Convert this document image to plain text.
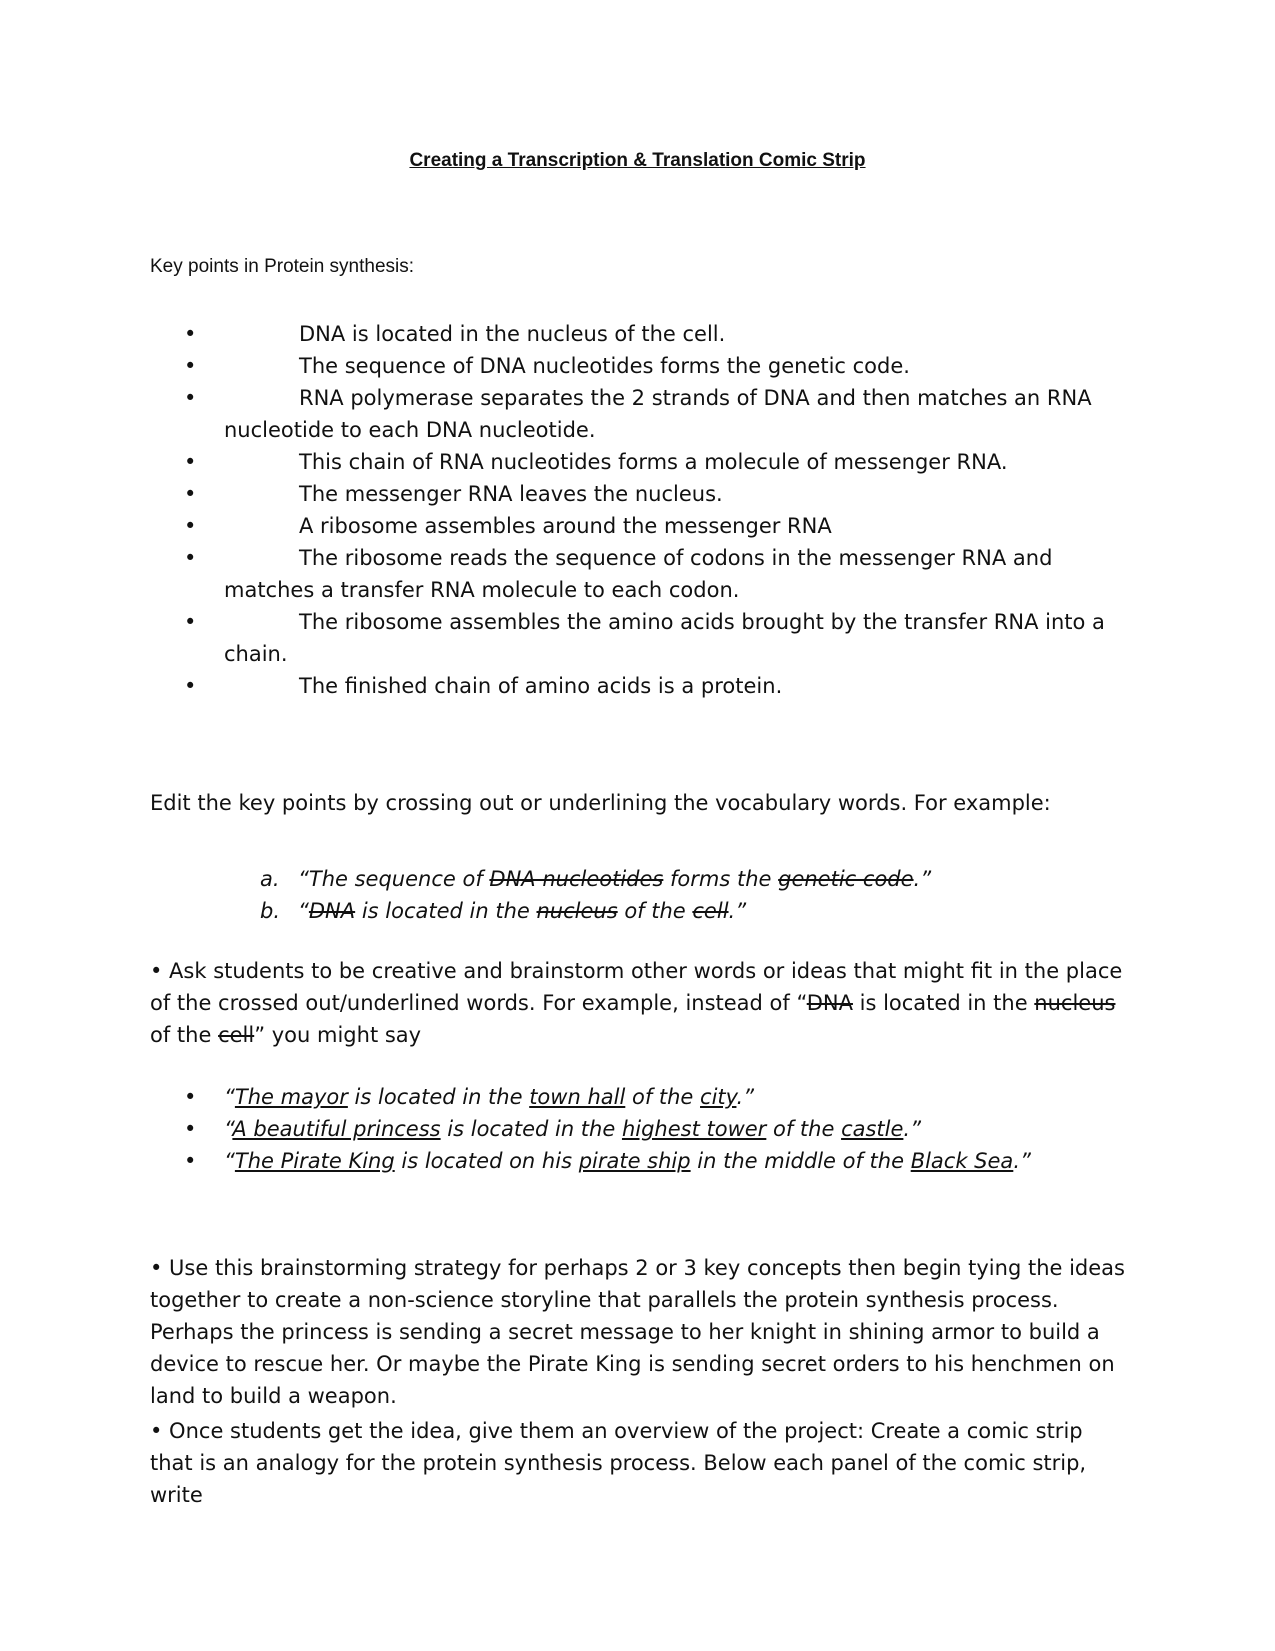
Creating a Transcription & Translation Comic Strip
Key points in Protein synthesis:
•	DNA is located in the nucleus of the cell.
•	The sequence of DNA nucleotides forms the genetic code.
•	RNA polymerase separates the 2 strands of DNA and then matches an RNA nucleotide to each DNA nucleotide.
•	This chain of RNA nucleotides forms a molecule of messenger RNA.
•	The messenger RNA leaves the nucleus.
•	A ribosome assembles around the messenger RNA
•	The ribosome reads the sequence of codons in the messenger RNA and matches a transfer RNA molecule to each codon.
•	The ribosome assembles the amino acids brought by the transfer RNA into a chain.
•	The finished chain of amino acids is a protein.
Edit the key points by crossing out or underlining the vocabulary words. For example:
a. “The sequence of DNA nucleotides forms the genetic code.”
b. “DNA is located in the nucleus of the cell.”
• Ask students to be creative and brainstorm other words or ideas that might fit in the place of the crossed out/underlined words. For example, instead of “DNA is located in the nucleus of the cell” you might say
• “The mayor is located in the town hall of the city.”
• “A beautiful princess is located in the highest tower of the castle.”
• “The Pirate King is located on his pirate ship in the middle of the Black Sea.”
• Use this brainstorming strategy for perhaps 2 or 3 key concepts then begin tying the ideas together to create a non-science storyline that parallels the protein synthesis process. Perhaps the princess is sending a secret message to her knight in shining armor to build a device to rescue her. Or maybe the Pirate King is sending secret orders to his henchmen on land to build a weapon.
• Once students get the idea, give them an overview of the project: Create a comic strip that is an analogy for the protein synthesis process. Below each panel of the comic strip, write
